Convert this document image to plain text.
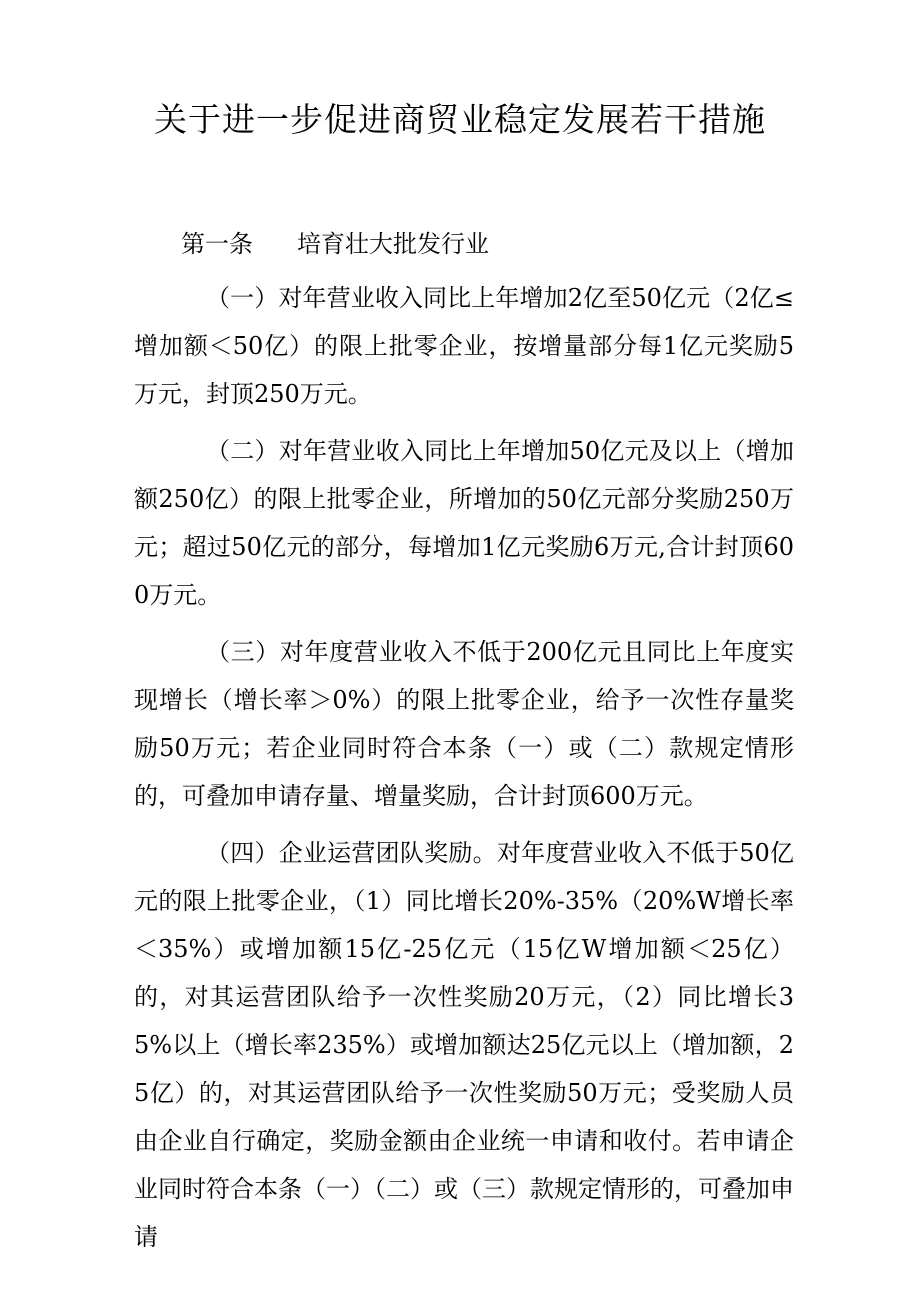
关于进一步促进商贸业稳定发展若干措施
第一条 培育壮大批发行业

（一）对年营业收入同比上年增加2亿至50亿元（2亿≤增加额＜50亿）的限上批零企业，按增量部分每1亿元奖励5万元，封顶250万元。

（二）对年营业收入同比上年增加50亿元及以上（增加额250亿）的限上批零企业，所增加的50亿元部分奖励250万元；超过50亿元的部分，每增加1亿元奖励6万元,合计封顶600万元。

（三）对年度营业收入不低于200亿元且同比上年度实现增长（增长率＞0%）的限上批零企业，给予一次性存量奖励50万元；若企业同时符合本条（一）或（二）款规定情形的，可叠加申请存量、增量奖励，合计封顶600万元。

（四）企业运营团队奖励。对年度营业收入不低于50亿元的限上批零企业，（1）同比增长20%-35%（20%W增长率＜35%）或增加额15亿-25亿元（15亿W增加额＜25亿）的，对其运营团队给予一次性奖励20万元，（2）同比增长35%以上（增长率235%）或增加额达25亿元以上（增加额，25亿）的，对其运营团队给予一次性奖励50万元；受奖励人员由企业自行确定，奖励金额由企业统一申请和收付。若申请企业同时符合本条（一）（二）或（三）款规定情形的，可叠加申请
